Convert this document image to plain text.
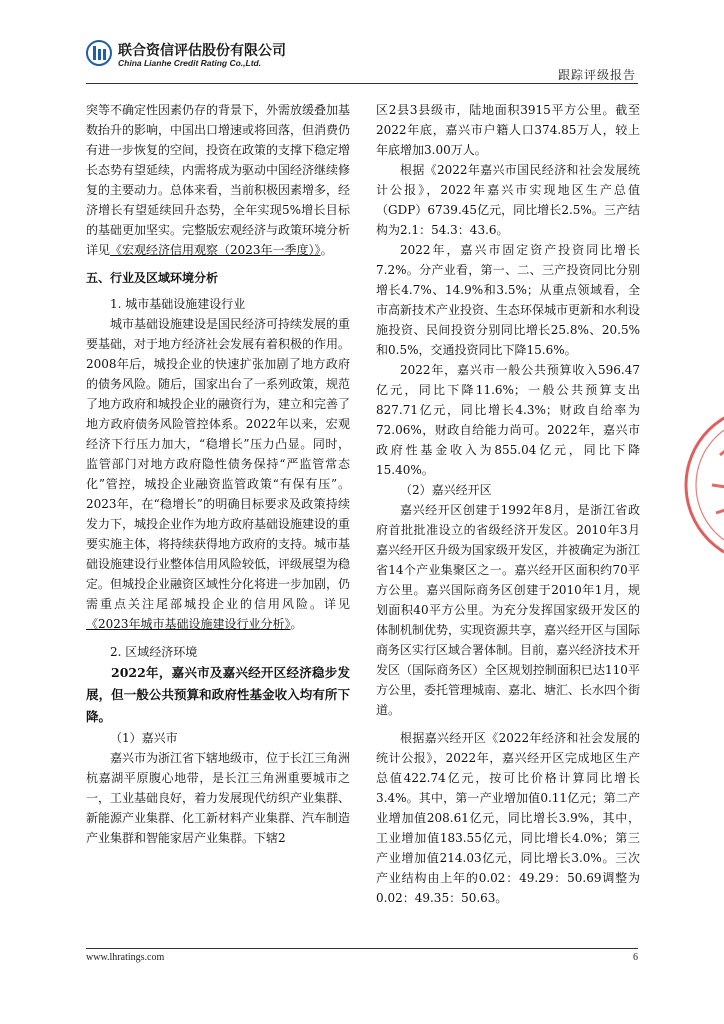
联合资信评估股份有限公司
China Lianhe Credit Rating Co.,Ltd.
跟踪评级报告

突等不确定性因素仍存的背景下，外需放缓叠加基数抬升的影响，中国出口增速或将回落，但消费仍有进一步恢复的空间，投资在政策的支撑下稳定增长态势有望延续，内需将成为驱动中国经济继续修复的主要动力。总体来看，当前积极因素增多，经济增长有望延续回升态势，全年实现5%增长目标的基础更加坚实。完整版宏观经济与政策环境分析详见《宏观经济信用观察（2023年一季度）》。

五、行业及区域环境分析

1. 城市基础设施建设行业

城市基础设施建设是国民经济可持续发展的重要基础，对于地方经济社会发展有着积极的作用。2008年后，城投企业的快速扩张加剧了地方政府的债务风险。随后，国家出台了一系列政策，规范了地方政府和城投企业的融资行为，建立和完善了地方政府债务风险管控体系。2022年以来，宏观经济下行压力加大，“稳增长”压力凸显。同时，监管部门对地方政府隐性债务保持“严监管常态化”管控，城投企业融资监管政策“有保有压”。2023年，在“稳增长”的明确目标要求及政策持续发力下，城投企业作为地方政府基础设施建设的重要实施主体，将持续获得地方政府的支持。城市基础设施建设行业整体信用风险较低，评级展望为稳定。但城投企业融资区域性分化将进一步加剧，仍需重点关注尾部城投企业的信用风险。详见《2023年城市基础设施建设行业分析》。

2. 区域经济环境

2022年，嘉兴市及嘉兴经开区经济稳步发展，但一般公共预算和政府性基金收入均有所下降。

（1）嘉兴市

嘉兴市为浙江省下辖地级市，位于长江三角洲杭嘉湖平原腹心地带，是长江三角洲重要城市之一，工业基础良好，着力发展现代纺织产业集群、新能源产业集群、化工新材料产业集群、汽车制造产业集群和智能家居产业集群。下辖2

区2县3县级市，陆地面积3915平方公里。截至2022年底，嘉兴市户籍人口374.85万人，较上年底增加3.00万人。

根据《2022年嘉兴市国民经济和社会发展统计公报》，2022年嘉兴市实现地区生产总值（GDP）6739.45亿元，同比增长2.5%。三产结构为2.1：54.3：43.6。

2022年，嘉兴市固定资产投资同比增长7.2%。分产业看，第一、二、三产投资同比分别增长4.7%、14.9%和3.5%；从重点领域看，全市高新技术产业投资、生态环保城市更新和水利设施投资、民间投资分别同比增长25.8%、20.5%和0.5%，交通投资同比下降15.6%。

2022年，嘉兴市一般公共预算收入596.47亿元，同比下降11.6%；一般公共预算支出827.71亿元，同比增长4.3%；财政自给率为72.06%，财政自给能力尚可。2022年，嘉兴市政府性基金收入为855.04亿元，同比下降15.40%。

（2）嘉兴经开区

嘉兴经开区创建于1992年8月，是浙江省政府首批批准设立的省级经济开发区。2010年3月嘉兴经开区升级为国家级开发区，并被确定为浙江省14个产业集聚区之一。嘉兴经开区面积约70平方公里。嘉兴国际商务区创建于2010年1月，规划面积40平方公里。为充分发挥国家级开发区的体制机制优势，实现资源共享，嘉兴经开区与国际商务区实行区域合署体制。目前，嘉兴经济技术开发区（国际商务区）全区规划控制面积已达110平方公里，委托管理城南、嘉北、塘汇、长水四个街道。

根据嘉兴经开区《2022年经济和社会发展的统计公报》，2022年，嘉兴经开区完成地区生产总值422.74亿元，按可比价格计算同比增长3.4%。其中，第一产业增加值0.11亿元；第二产业增加值208.61亿元，同比增长3.9%，其中，工业增加值183.55亿元，同比增长4.0%；第三产业增加值214.03亿元，同比增长3.0%。三次产业结构由上年的0.02：49.29：50.69调整为0.02：49.35：50.63。

www.lhratings.com	6
